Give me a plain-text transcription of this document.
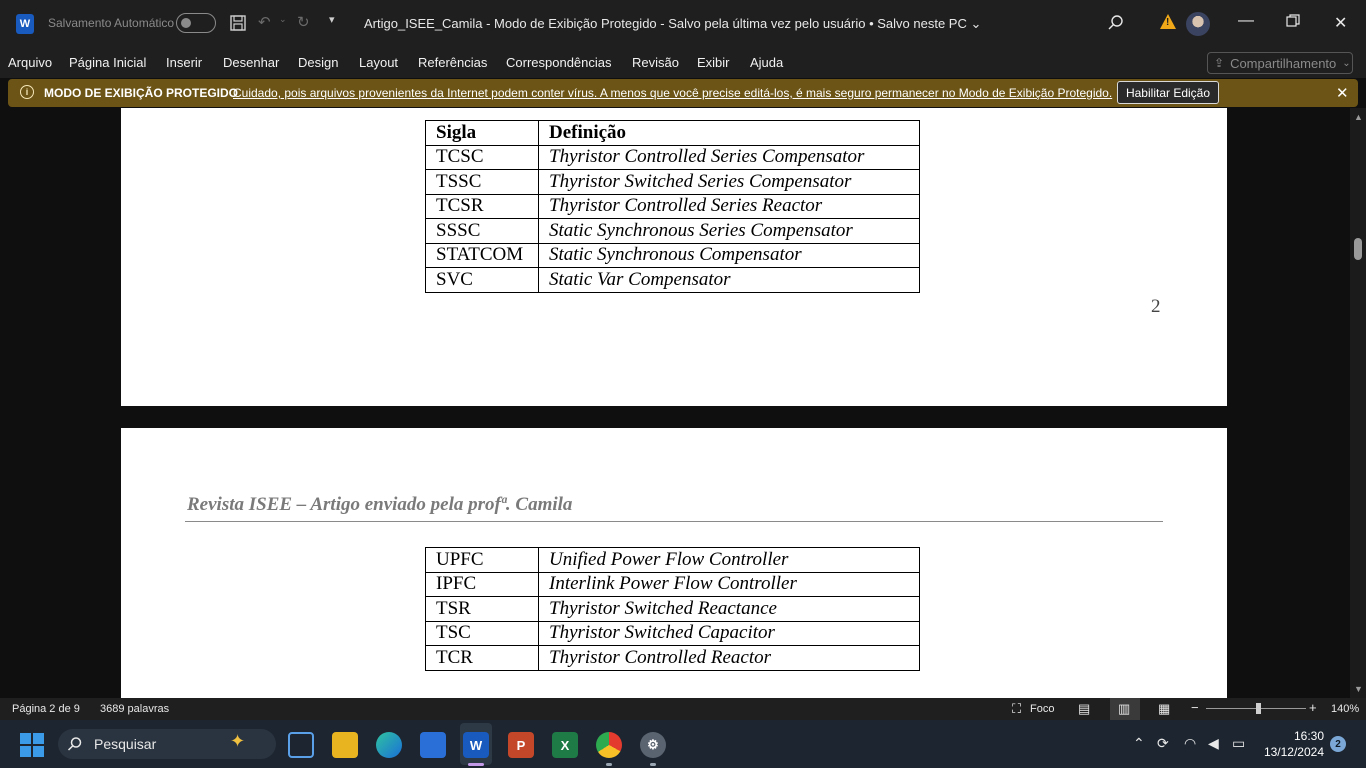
W	Salvamento Automático	↶ ⌄ ↻ ▾ Artigo_ISEE_Camila - Modo de Exibição Protegido - Salvo pela última vez pelo usuário • Salvo neste PC ⌄	!	—	✕
Arquivo Página Inicial Inserir Desenhar Design Layout Referências Correspondências Revisão Exibir Ajuda	⇪ Compartilhamento ⌄
i	MODO DE EXIBIÇÃO PROTEGIDO
Cuidado, pois arquivos provenientes da Internet podem conter vírus. A menos que você precise editá-los, é mais seguro permanecer no Modo de Exibição Protegido.	Habilitar Edição	✕
Sigla	Definição
TCSC	Thyristor Controlled Series Compensator
TSSC	Thyristor Switched Series Compensator
TCSR	Thyristor Controlled Series Reactor
SSSC	Static Synchronous Series Compensator
STATCOM	Static Synchronous Compensator
SVC	Static Var Compensator
2
Revista ISEE – Artigo enviado pela profª. Camila
UPFC	Unified Power Flow Controller
IPFC	Interlink Power Flow Controller
TSR	Thyristor Switched Reactance
TSC	Thyristor Switched Capacitor
TCR	Thyristor Controlled Reactor
▲
▼
Página 2 de 9 3689 palavras	⛶ Foco ▤ ▥ ▦ −	+ 140%
Pesquisar	✦	W	P	X	⚙	⌃ ⟳ ◠ ◀ ▭	16:30
13/12/2024
2
